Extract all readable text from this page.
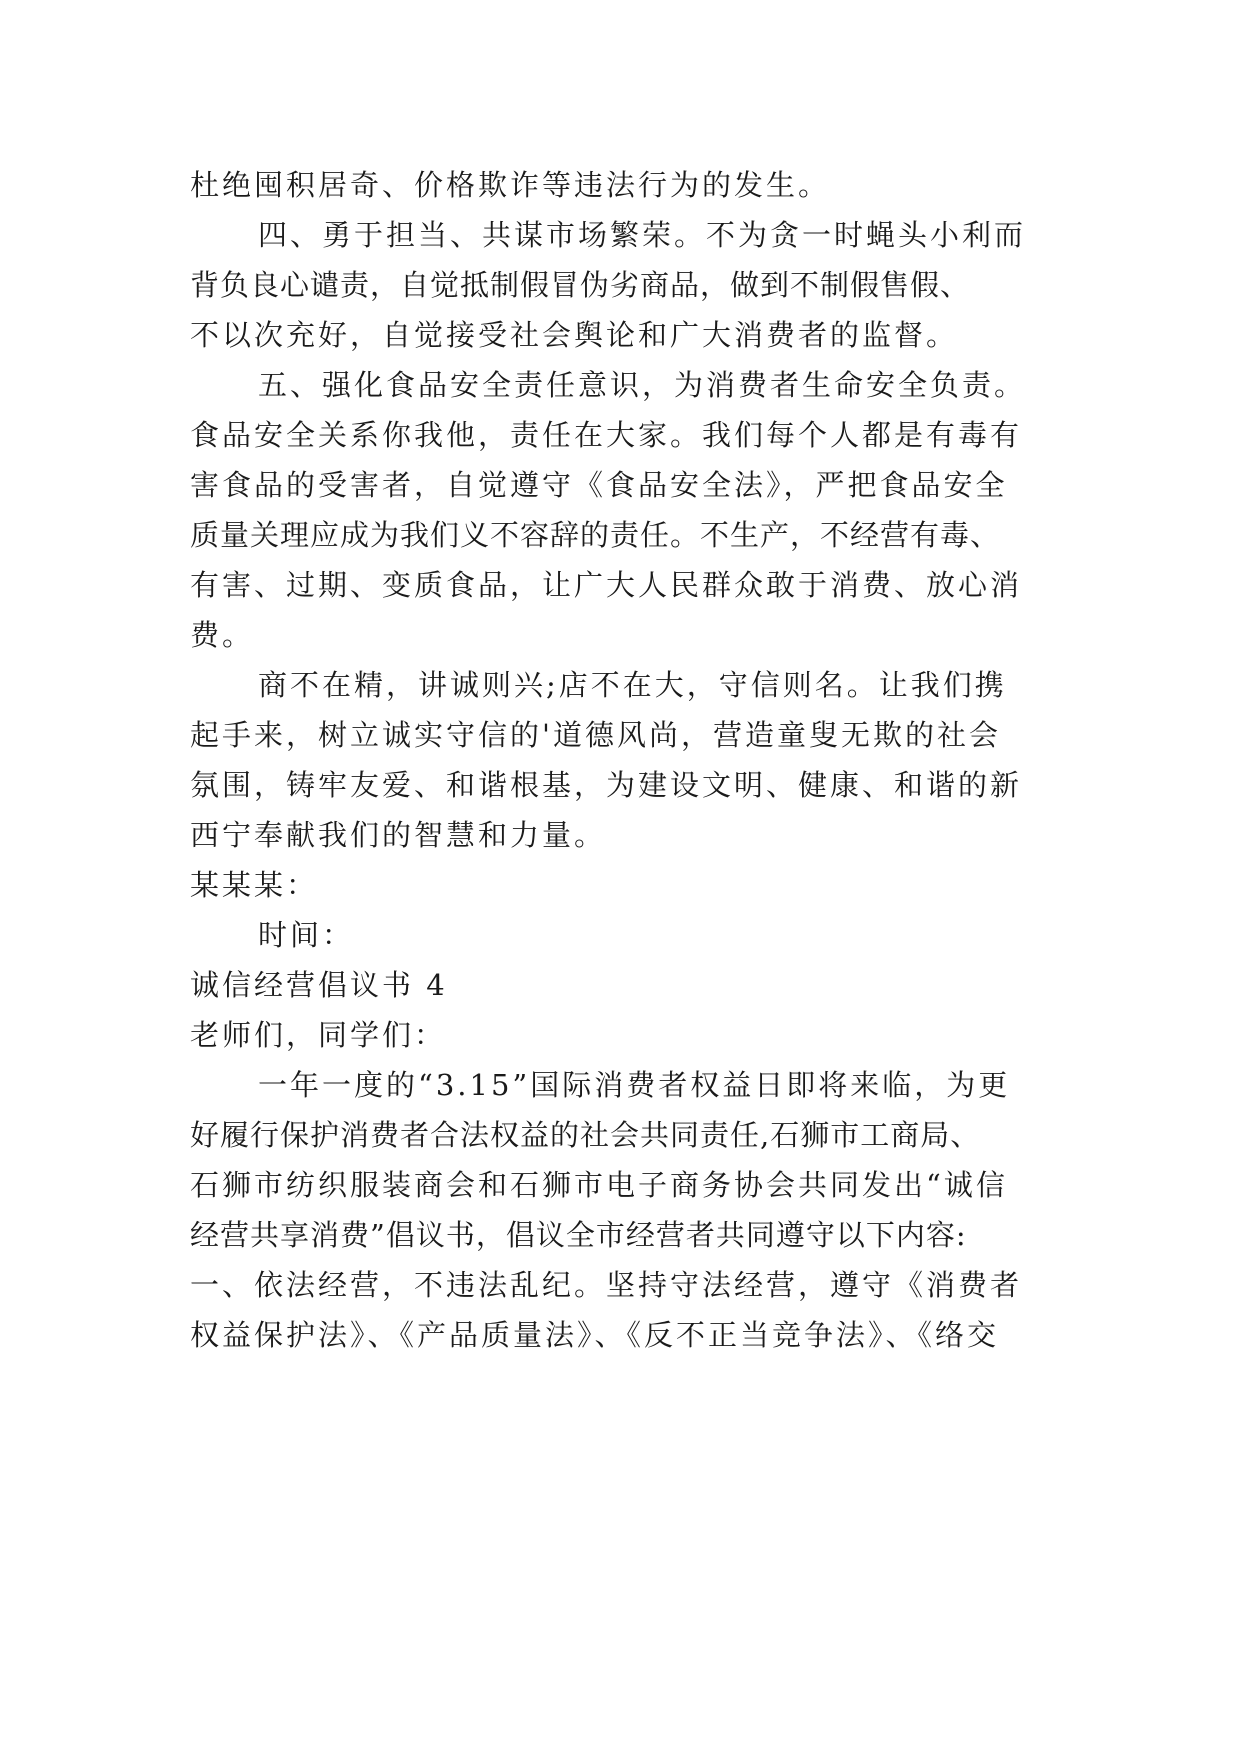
杜绝囤积居奇、价格欺诈等违法行为的发生。
四、勇于担当、共谋市场繁荣。不为贪一时蝇头小利而
背负良心谴责，自觉抵制假冒伪劣商品，做到不制假售假、
不以次充好，自觉接受社会舆论和广大消费者的监督。
五、强化食品安全责任意识，为消费者生命安全负责。
食品安全关系你我他，责任在大家。我们每个人都是有毒有
害食品的受害者，自觉遵守《食品安全法》，严把食品安全
质量关理应成为我们义不容辞的责任。不生产，不经营有毒、
有害、过期、变质食品，让广大人民群众敢于消费、放心消
费。
商不在精，讲诚则兴;店不在大，守信则名。让我们携
起手来，树立诚实守信的'道德风尚，营造童叟无欺的社会
氛围，铸牢友爱、和谐根基，为建设文明、健康、和谐的新
西宁奉献我们的智慧和力量。
某某某：
时间：
诚信经营倡议书 4
老师们，同学们：
一年一度的“3.15”国际消费者权益日即将来临，为更
好履行保护消费者合法权益的社会共同责任,石狮市工商局、
石狮市纺织服装商会和石狮市电子商务协会共同发出“诚信
经营共享消费”倡议书，倡议全市经营者共同遵守以下内容:
一、依法经营，不违法乱纪。坚持守法经营，遵守《消费者
权益保护法》、《产品质量法》、《反不正当竞争法》、《络交
